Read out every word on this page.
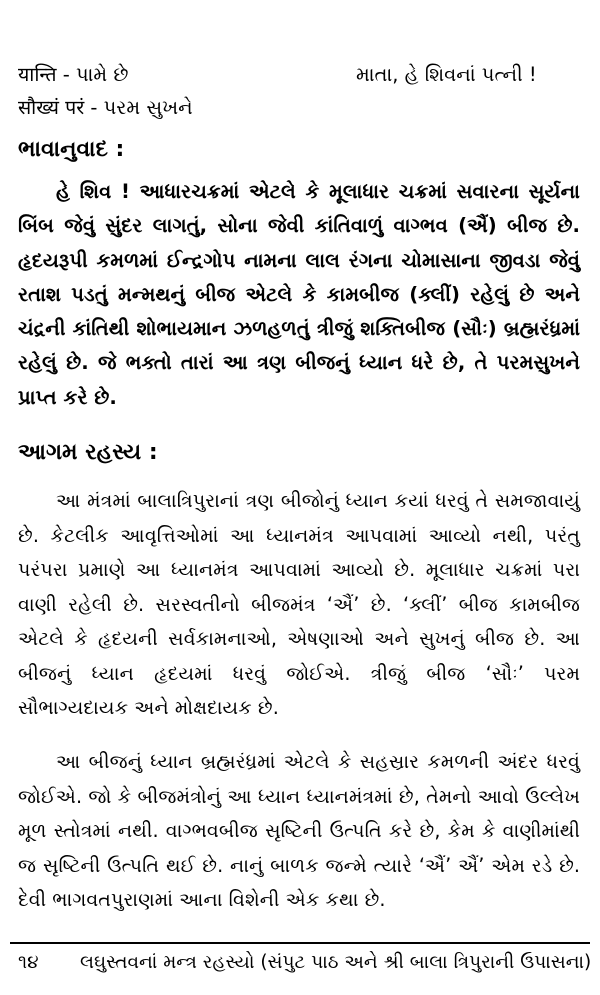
यान्ति - પામે છે	માતા, હે શિવનાં પત્ની !
सौख्यं परं - પરમ સુખને
ભાવાનુવાદ :

હે શિવ ! આધારચક્રમાં એટલે કે મૂલાધાર ચક્રમાં સવારના સૂર્યના બિંબ જેવું સુંદર લાગતું, સોના જેવી કાંતિવાળું વાગ્ભવ (ઐં) બીજ છે. હૃદયરૂપી કમળમાં ઈન્દ્રગોપ નામના લાલ રંગના ચોમાસાના જીવડા જેવું રતાશ પડતું મન્મથનું બીજ એટલે કે કામબીજ (ક્લીં) રહેલું છે અને ચંદ્રની કાંતિથી શોભાયમાન ઝળહળતું ત્રીજું શક્તિબીજ (સૌઃ) બ્રહ્મરંધ્રમાં રહેલું છે. જે ભક્તો તારાં આ ત્રણ બીજનું ધ્યાન ધરે છે, તે પરમસુખને પ્રાપ્ત કરે છે.

આગમ રહસ્ય :

આ મંત્રમાં બાલાત્રિપુરાનાં ત્રણ બીજોનું ધ્યાન કયાં ધરવું તે સમજાવાયું છે. કેટલીક આવૃત્તિઓમાં આ ધ્યાનમંત્ર આપવામાં આવ્યો નથી, પરંતુ પરંપરા પ્રમાણે આ ધ્યાનમંત્ર આપવામાં આવ્યો છે. મૂલાધાર ચક્રમાં પરા વાણી રહેલી છે. સરસ્વતીનો બીજમંત્ર ‘ઐં’ છે. ‘ક્લીં’ બીજ કામબીજ એટલે કે હૃદયની સર્વકામનાઓ, એષણાઓ અને સુખનું બીજ છે. આ બીજનું ધ્યાન હૃદયમાં ધરવું જોઈએ. ત્રીજું બીજ ‘સૌઃ’ પરમ સૌભાગ્યદાયક અને મોક્ષદાયક છે.

આ બીજનું ધ્યાન બ્રહ્મરંધ્રમાં એટલે કે સહસ્રાર કમળની અંદર ધરવું જોઈએ. જો કે બીજમંત્રોનું આ ધ્યાન ધ્યાનમંત્રમાં છે, તેમનો આવો ઉલ્લેખ મૂળ સ્તોત્રમાં નથી. વાગ્ભવબીજ સૃષ્ટિની ઉત્પતિ કરે છે, કેમ કે વાણીમાંથી જ સૃષ્ટિની ઉત્પતિ થઈ છે. નાનું બાળક જન્મે ત્યારે ‘ઐં’ ઐં’ એમ રડે છે. દેવી ભાગવતપુરાણમાં આના વિશેની એક કથા છે.

૧૪ લઘુસ્તવનાં મન્ત્ર રહસ્યો (સંપુટ પાઠ અને શ્રી બાલા ત્રિપુરાની ઉપાસના)
